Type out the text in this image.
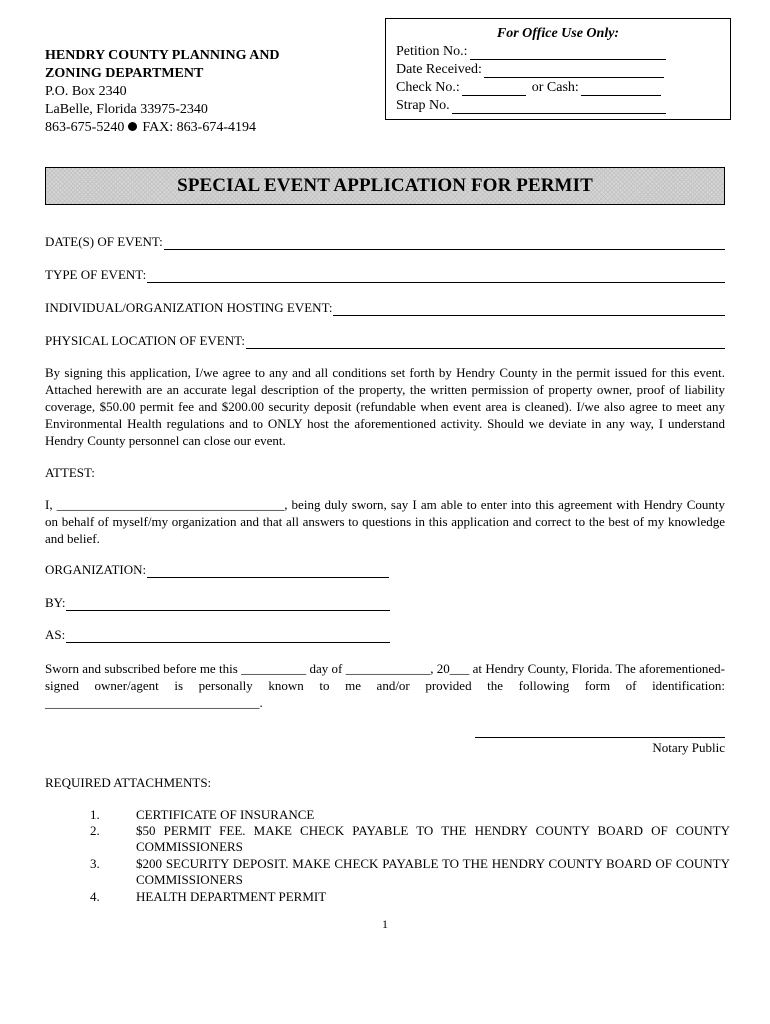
HENDRY COUNTY PLANNING AND
ZONING DEPARTMENT
P.O. Box 2340
LaBelle, Florida 33975-2340
863-675-5240 FAX: 863-674-4194
For Office Use Only:
Petition No.:
Date Received:
Check No.:	or Cash:
Strap No.
SPECIAL EVENT APPLICATION FOR PERMIT
DATE(S) OF EVENT:
TYPE OF EVENT:
INDIVIDUAL/ORGANIZATION HOSTING EVENT:
PHYSICAL LOCATION OF EVENT:
By signing this application, I/we agree to any and all conditions set forth by Hendry County in the permit issued for this event. Attached herewith are an accurate legal description of the property, the written permission of property owner, proof of liability coverage, $50.00 permit fee and $200.00 security deposit (refundable when event area is cleaned). I/we also agree to meet any Environmental Health regulations and to ONLY host the aforementioned activity. Should we deviate in any way, I understand Hendry County personnel can close our event.
ATTEST:
I, ___________________________________, being duly sworn, say I am able to enter into this agreement with Hendry County on behalf of myself/my organization and that all answers to questions in this application and correct to the best of my knowledge and belief.
ORGANIZATION:
BY:
AS:
Sworn and subscribed before me this __________ day of _____________, 20___ at Hendry County, Florida. The aforementioned-signed owner/agent is personally known to me and/or provided the following form of identification: _________________________________.
Notary Public
REQUIRED ATTACHMENTS:
1.	CERTIFICATE OF INSURANCE
2.	$50 PERMIT FEE. MAKE CHECK PAYABLE TO THE HENDRY COUNTY BOARD OF COUNTY COMMISSIONERS
3.	$200 SECURITY DEPOSIT. MAKE CHECK PAYABLE TO THE HENDRY COUNTY BOARD OF COUNTY COMMISSIONERS
4.	HEALTH DEPARTMENT PERMIT
1
